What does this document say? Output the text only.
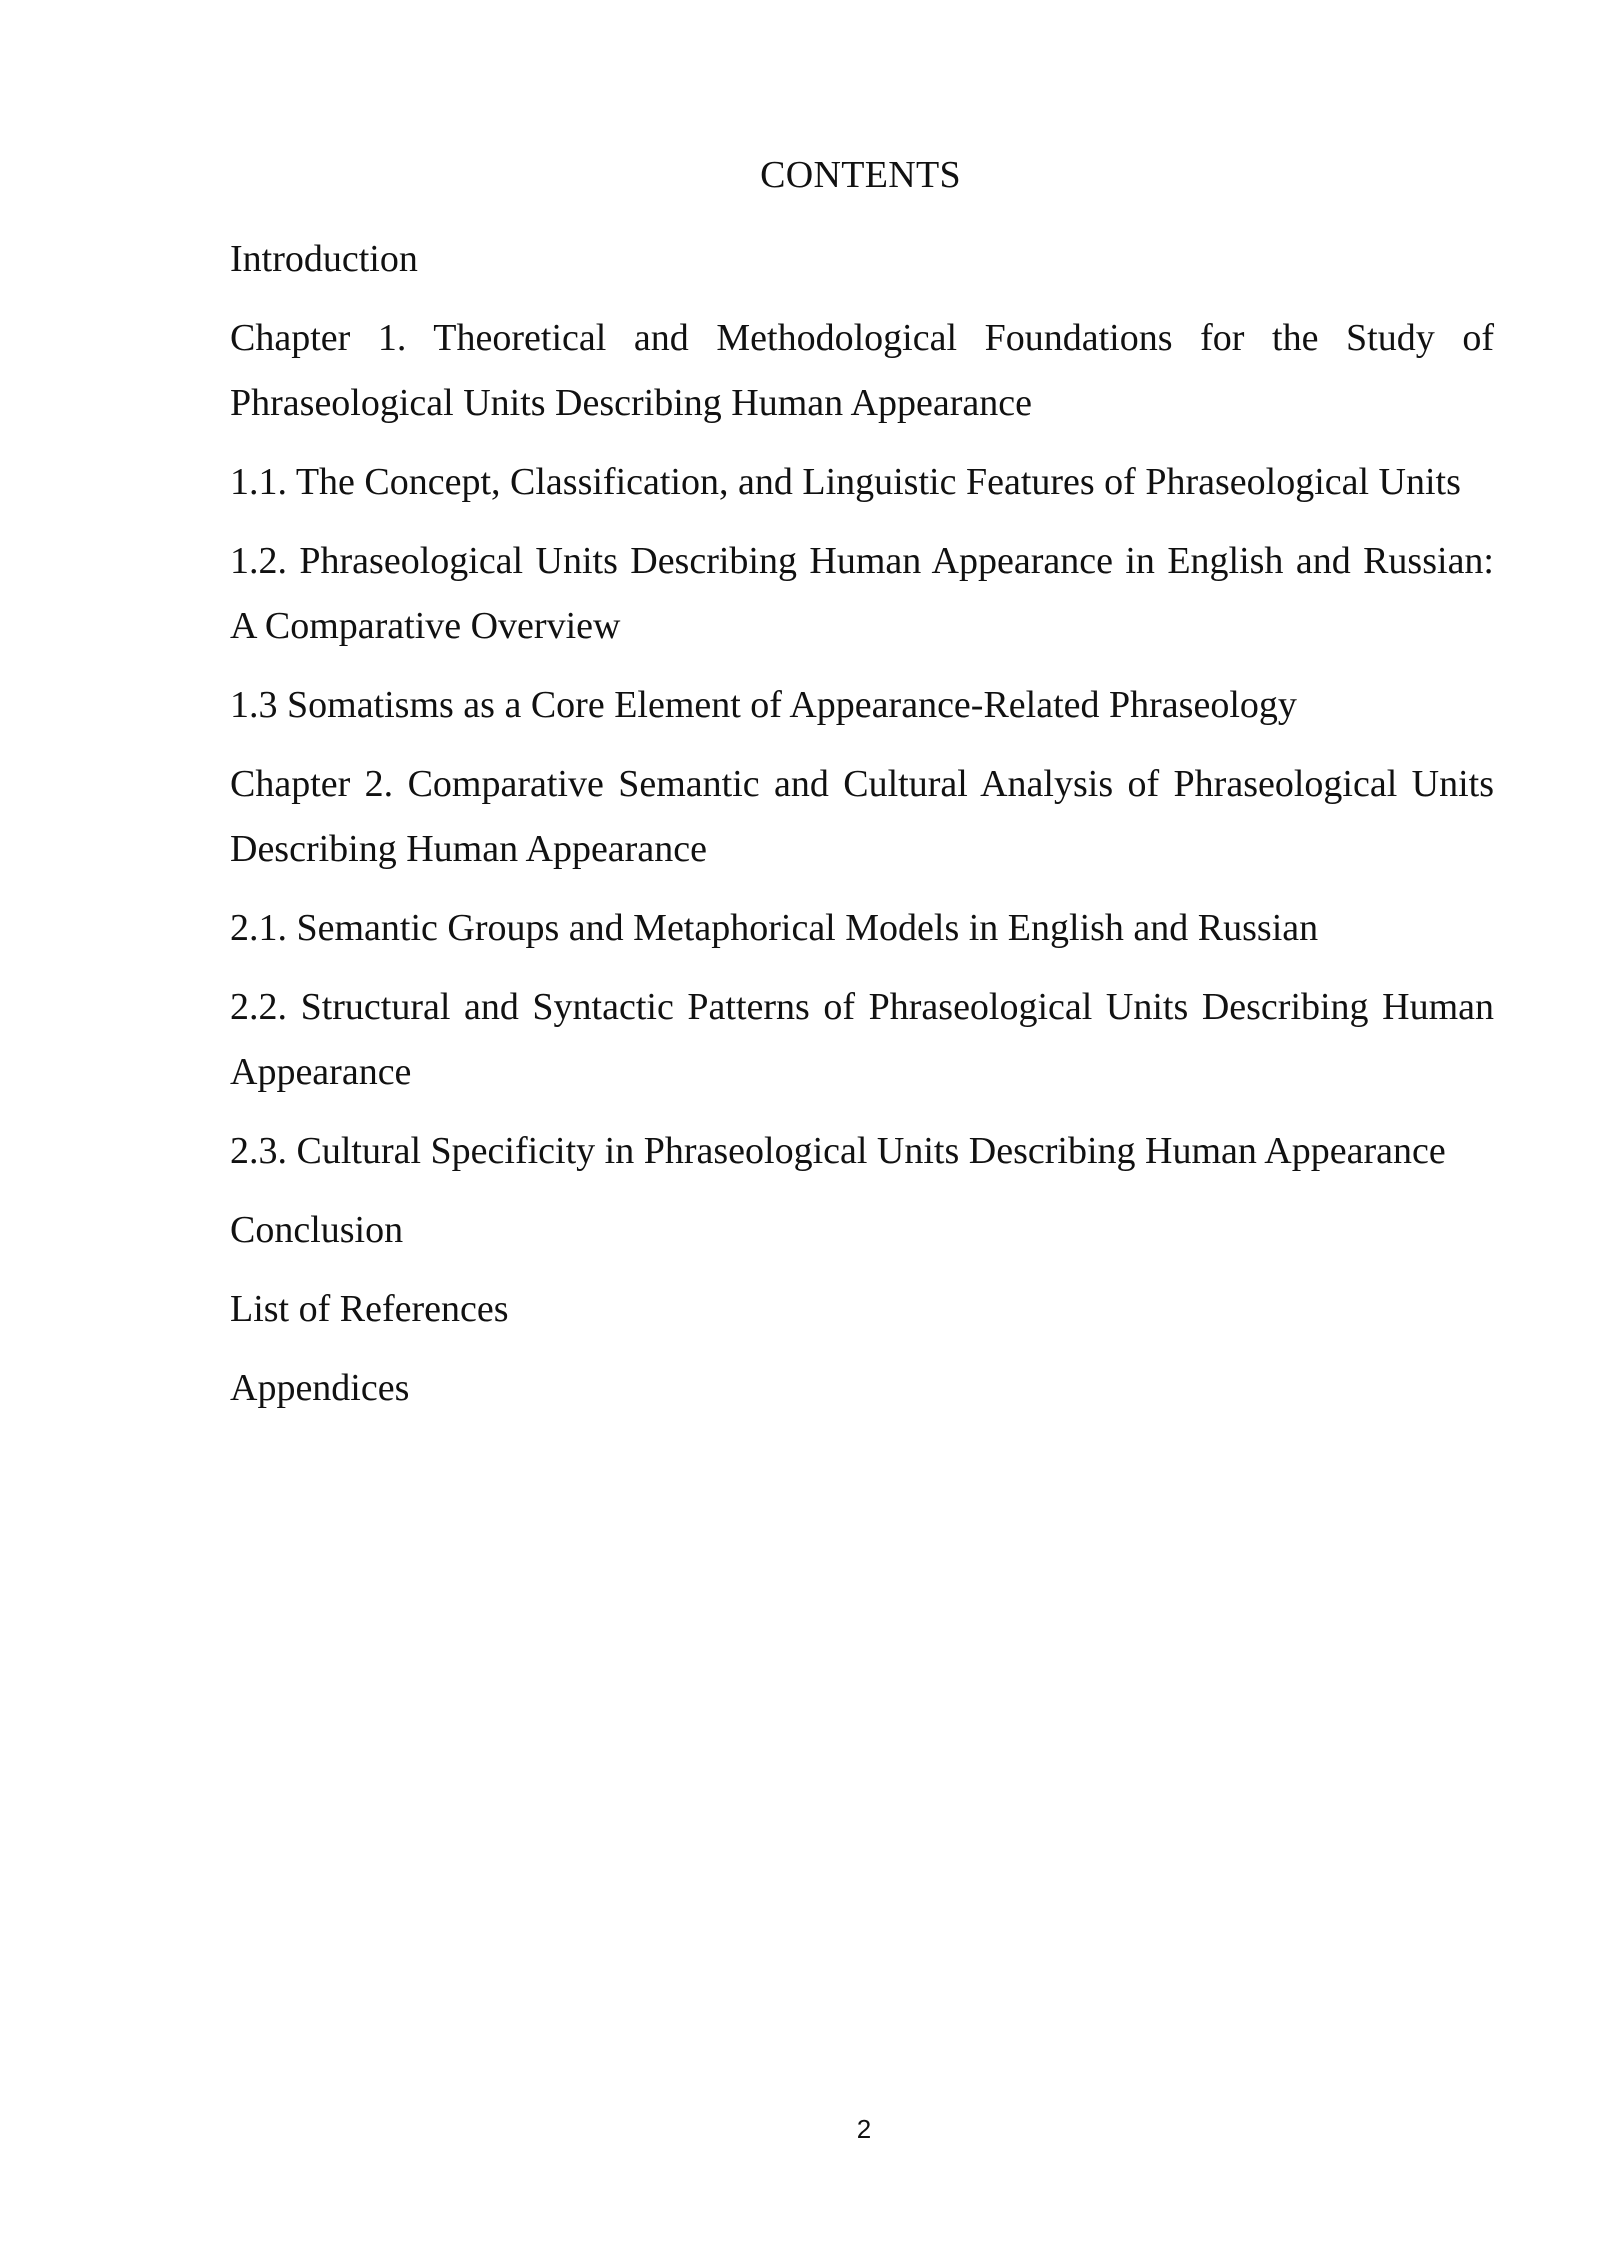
CONTENTS
Introduction
Chapter 1. Theoretical and Methodological Foundations for the Study of Phraseological Units Describing Human Appearance
1.1. The Concept, Classification, and Linguistic Features of Phraseological Units
1.2. Phraseological Units Describing Human Appearance in English and Russian: A Comparative Overview
1.3 Somatisms as a Core Element of Appearance-Related Phraseology
Chapter 2. Comparative Semantic and Cultural Analysis of Phraseological Units Describing Human Appearance
2.1. Semantic Groups and Metaphorical Models in English and Russian
2.2. Structural and Syntactic Patterns of Phraseological Units Describing Human Appearance
2.3. Cultural Specificity in Phraseological Units Describing Human Appearance
Conclusion
List of References
Appendices
2
